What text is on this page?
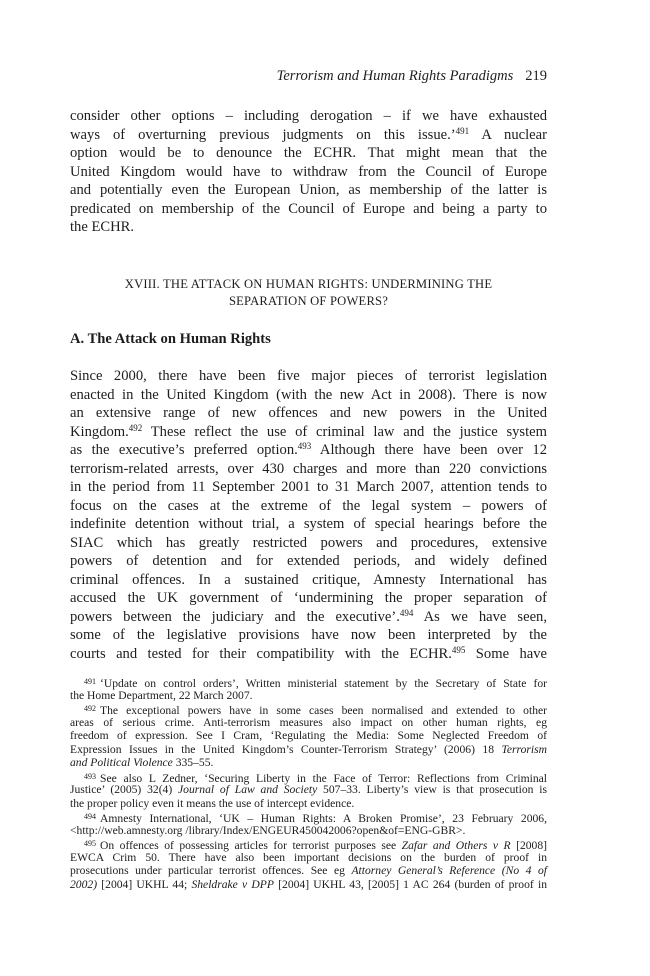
Terrorism and Human Rights Paradigms 219
consider other options – including derogation – if we have exhausted
ways of overturning previous judgments on this issue.’$^{491}$ A nuclear
option would be to denounce the ECHR. That might mean that the
United Kingdom would have to withdraw from the Council of Europe
and potentially even the European Union, as membership of the latter is
predicated on membership of the Council of Europe and being a party to
the ECHR.
XVIII. THE ATTACK ON HUMAN RIGHTS: UNDERMINING THE
SEPARATION OF POWERS?
A. The Attack on Human Rights
Since 2000, there have been five major pieces of terrorist legislation
enacted in the United Kingdom (with the new Act in 2008). There is now
an extensive range of new offences and new powers in the United
Kingdom.$^{492}$ These reflect the use of criminal law and the justice system
as the executive’s preferred option.$^{493}$ Although there have been over 12
terrorism-related arrests, over 430 charges and more than 220 convictions
in the period from 11 September 2001 to 31 March 2007, attention tends to
focus on the cases at the extreme of the legal system – powers of
indefinite detention without trial, a system of special hearings before the
SIAC which has greatly restricted powers and procedures, extensive
powers of detention and for extended periods, and widely defined
criminal offences. In a sustained critique, Amnesty International has
accused the UK government of ‘undermining the proper separation of
powers between the judiciary and the executive’.$^{494}$ As we have seen,
some of the legislative provisions have now been interpreted by the
courts and tested for their compatibility with the ECHR.$^{495}$ Some have
$^{491}$ ‘Update on control orders’, Written ministerial statement by the Secretary of State for
the Home Department, 22 March 2007.
$^{492}$ The exceptional powers have in some cases been normalised and extended to other
areas of serious crime. Anti-terrorism measures also impact on other human rights, eg
freedom of expression. See I Cram, ‘Regulating the Media: Some Neglected Freedom of
Expression Issues in the United Kingdom’s Counter-Terrorism Strategy’ (2006) 18 Terrorism
and Political Violence 335–55.
$^{493}$ See also L Zedner, ‘Securing Liberty in the Face of Terror: Reflections from Criminal
Justice’ (2005) 32(4) Journal of Law and Society 507–33. Liberty’s view is that prosecution is
the proper policy even it means the use of intercept evidence.
$^{494}$ Amnesty International, ‘UK – Human Rights: A Broken Promise’, 23 February 2006,
<http://web.amnesty.org /library/Index/ENGEUR450042006?open&of=ENG-GBR>.
$^{495}$ On offences of possessing articles for terrorist purposes see Zafar and Others v R [2008]
EWCA Crim 50. There have also been important decisions on the burden of proof in
prosecutions under particular terrorist offences. See eg Attorney General’s Reference (No 4 of
2002) [2004] UKHL 44; Sheldrake v DPP [2004] UKHL 43, [2005] 1 AC 264 (burden of proof in
